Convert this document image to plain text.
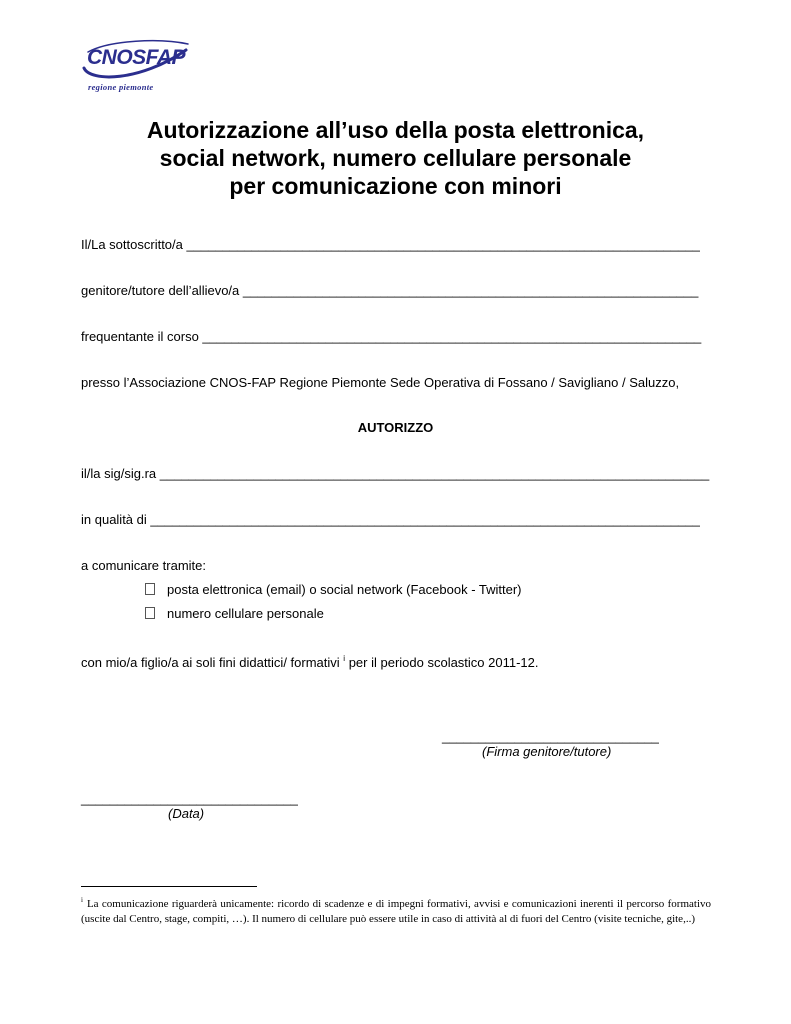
CNOSFAP
regione piemonte
Autorizzazione all’uso della posta elettronica,
social network, numero cellulare personale
per comunicazione con minori
Il/La sottoscritto/a _______________________________________________________________________
genitore/tutore dell’allievo/a _______________________________________________________________
frequentante il corso _____________________________________________________________________
presso l’Associazione CNOS-FAP Regione Piemonte Sede Operativa di Fossano / Savigliano / Saluzzo,
AUTORIZZO
il/la sig/sig.ra ____________________________________________________________________________
in qualità di ____________________________________________________________________________
a comunicare tramite:
posta elettronica (email) o social network (Facebook - Twitter)
numero cellulare personale
con mio/a figlio/a ai soli fini didattici/ formativi $^i$ per il periodo scolastico 2011-12.
______________________________
(Firma genitore/tutore)
______________________________
(Data)
$^i$ La comunicazione riguarderà unicamente: ricordo di scadenze e di impegni formativi, avvisi e comunicazioni inerenti il percorso formativo (uscite dal Centro, stage, compiti, …). Il numero di cellulare può essere utile in caso di attività al di fuori del Centro (visite tecniche, gite,..)
